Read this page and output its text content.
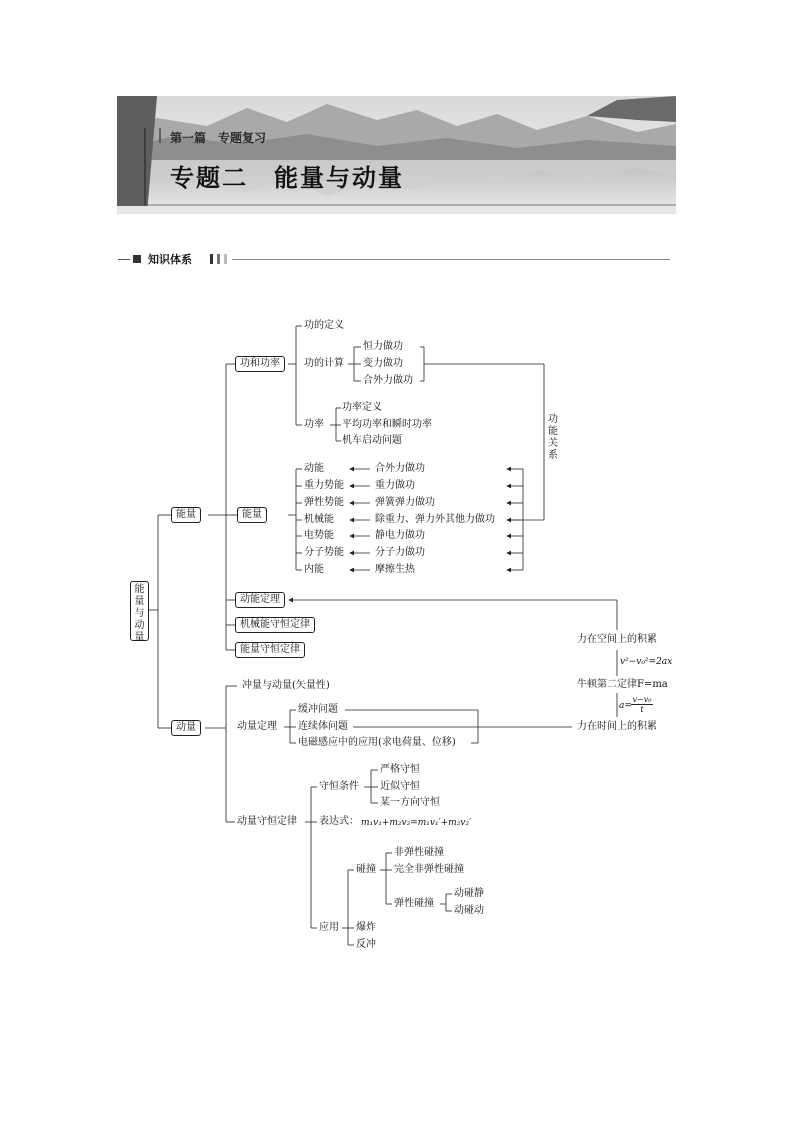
第一篇　专题复习
专题二　能量与动量
知识体系
能量与动量
能量
动量
功和功率
功的定义
功的计算
恒力做功
变力做功
合外力做功
功率
功率定义
平均功率和瞬时功率
机车启动问题
功能关系
能量
动能
重力势能
弹性势能
机械能
电势能
分子势能
内能
合外力做功
重力做功
弹簧弹力做功
除重力、弹力外其他力做功
静电力做功
分子力做功
摩擦生热
动能定理
机械能守恒定律
能量守恒定律
力在空间上的积累
v²−v₀²=2ax
牛顿第二定律F=ma
a=
v−v₀
t
力在时间上的积累
冲量与动量(矢量性)
动量定理
缓冲问题
连续体问题
电磁感应中的应用(求电荷量、位移)
动量守恒定律
守恒条件
严格守恒
近似守恒
某一方向守恒
表达式： m₁v₁+m₂v₂=m₁v₁′+m₂v₂′
应用
碰撞
非弹性碰撞
完全非弹性碰撞
弹性碰撞
动碰静
动碰动
爆炸
反冲
